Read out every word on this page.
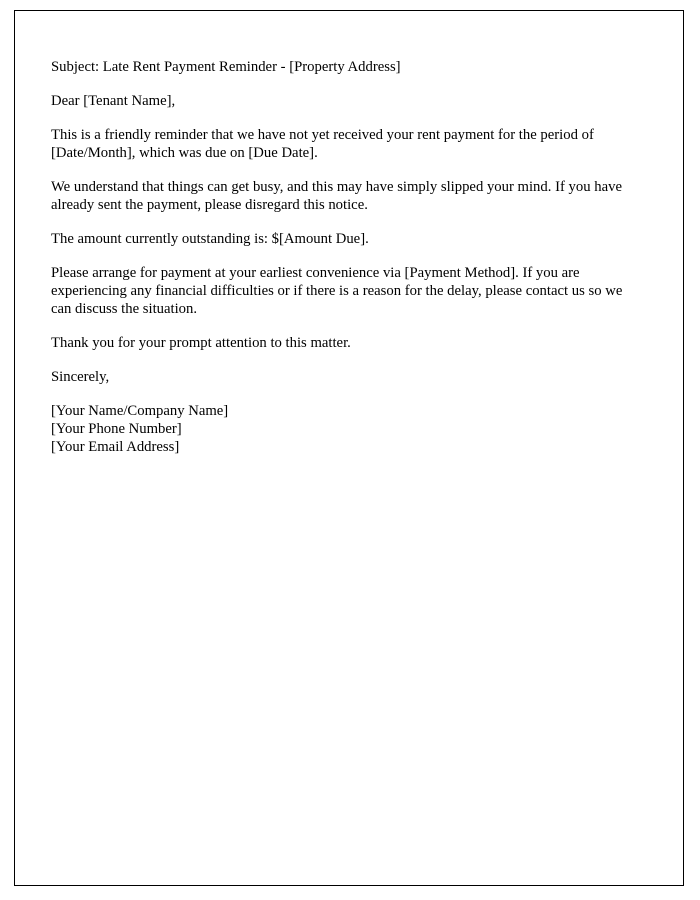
Subject: Late Rent Payment Reminder - [Property Address]

Dear [Tenant Name],

This is a friendly reminder that we have not yet received your rent payment for the period of [Date/Month], which was due on [Due Date].

We understand that things can get busy, and this may have simply slipped your mind. If you have already sent the payment, please disregard this notice.

The amount currently outstanding is: $[Amount Due].

Please arrange for payment at your earliest convenience via [Payment Method]. If you are experiencing any financial difficulties or if there is a reason for the delay, please contact us so we can discuss the situation.

Thank you for your prompt attention to this matter.

Sincerely,

[Your Name/Company Name]

[Your Phone Number]

[Your Email Address]
